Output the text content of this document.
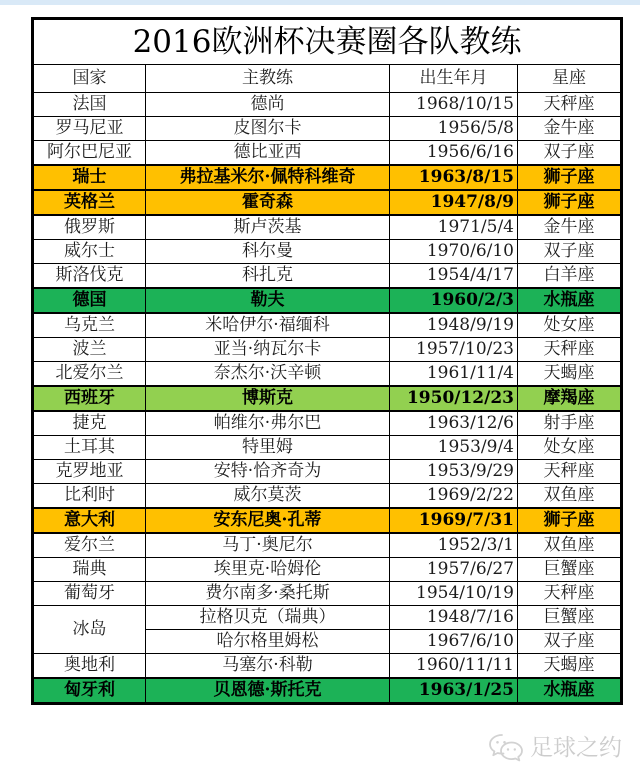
2016欧洲杯决赛圈各队教练			
国家	主教练	出生年月	星座
法国	德尚	1968/10/15	天秤座
罗马尼亚	皮图尔卡	1956/5/8	金牛座
阿尔巴尼亚	德比亚西	1956/6/16	双子座
瑞士	弗拉基米尔·佩特科维奇	1963/8/15	狮子座
英格兰	霍奇森	1947/8/9	狮子座
俄罗斯	斯卢茨基	1971/5/4	金牛座
威尔士	科尔曼	1970/6/10	双子座
斯洛伐克	科扎克	1954/4/17	白羊座
德国	勒夫	1960/2/3	水瓶座
乌克兰	米哈伊尔·福缅科	1948/9/19	处女座
波兰	亚当·纳瓦尔卡	1957/10/23	天秤座
北爱尔兰	奈杰尔·沃辛顿	1961/11/4	天蝎座
西班牙	博斯克	1950/12/23	摩羯座
捷克	帕维尔·弗尔巴	1963/12/6	射手座
土耳其	特里姆	1953/9/4	处女座
克罗地亚	安特·恰齐奇为	1953/9/29	天秤座
比利时	威尔莫茨	1969/2/22	双鱼座
意大利	安东尼奥·孔蒂	1969/7/31	狮子座
爱尔兰	马丁·奥尼尔	1952/3/1	双鱼座
瑞典	埃里克·哈姆伦	1957/6/27	巨蟹座
葡萄牙	费尔南多·桑托斯	1954/10/19	天秤座
冰岛	拉格贝克（瑞典）	1948/7/16	巨蟹座
	哈尔格里姆松	1967/6/10	双子座
奥地利	马塞尔·科勒	1960/11/11	天蝎座
匈牙利	贝恩德·斯托克	1963/1/25	水瓶座
足球之约
